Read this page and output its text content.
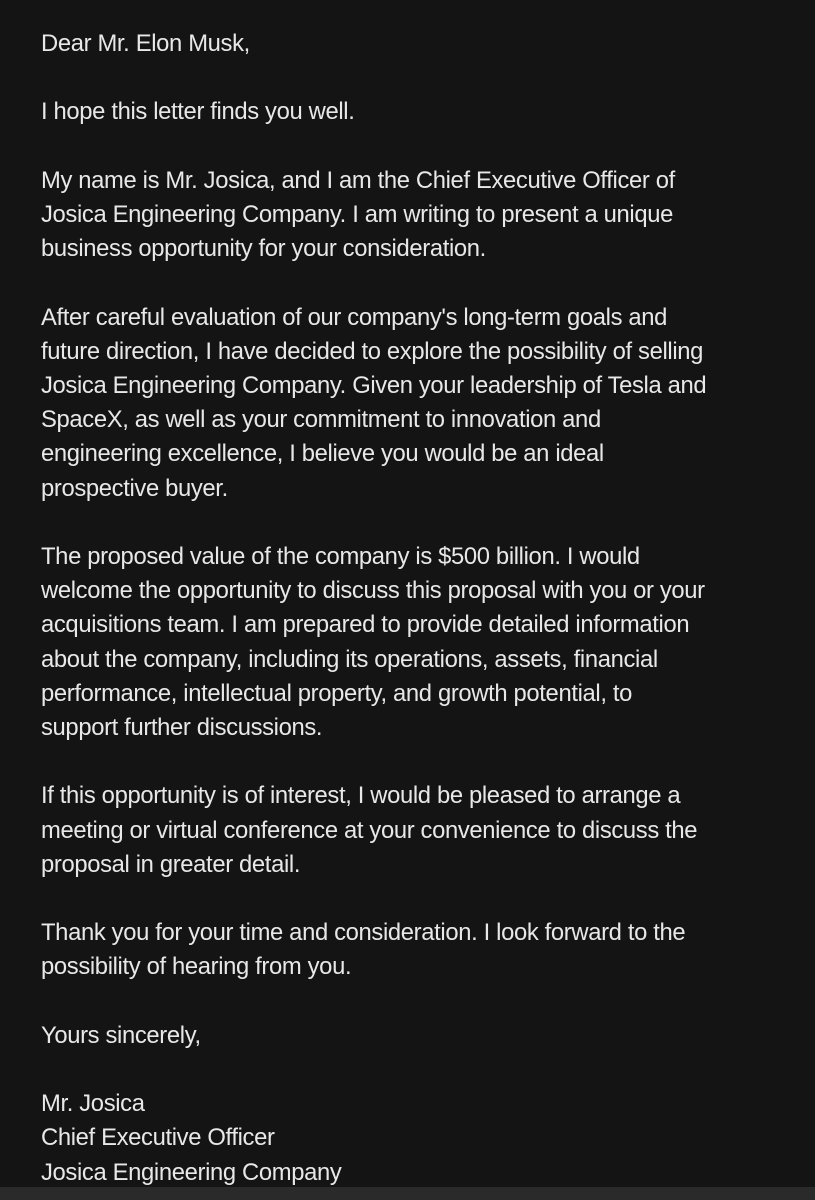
Dear Mr. Elon Musk,

I hope this letter finds you well.

My name is Mr. Josica, and I am the Chief Executive Officer of
Josica Engineering Company. I am writing to present a unique
business opportunity for your consideration.

After careful evaluation of our company's long-term goals and
future direction, I have decided to explore the possibility of selling
Josica Engineering Company. Given your leadership of Tesla and
SpaceX, as well as your commitment to innovation and
engineering excellence, I believe you would be an ideal
prospective buyer.

The proposed value of the company is $500 billion. I would
welcome the opportunity to discuss this proposal with you or your
acquisitions team. I am prepared to provide detailed information
about the company, including its operations, assets, financial
performance, intellectual property, and growth potential, to
support further discussions.

If this opportunity is of interest, I would be pleased to arrange a
meeting or virtual conference at your convenience to discuss the
proposal in greater detail.

Thank you for your time and consideration. I look forward to the
possibility of hearing from you.

Yours sincerely,

Mr. Josica
Chief Executive Officer
Josica Engineering Company
